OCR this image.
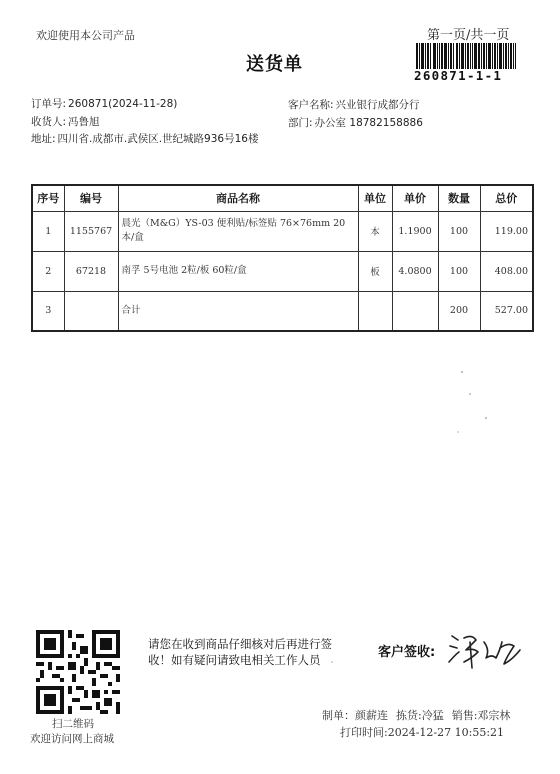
欢迎使用本公司产品	第一页/共一页
260871-1-1
送货单
订单号: 260871(2024-11-28)
收货人: 冯鲁旭
地址: 四川省.成都市.武侯区.世纪城路936号16楼
客户名称: 兴业银行成都分行
部门: 办公室 18782158886
序号	编号	商品名称	单位	单价	数量	总价
1	1155767	晨光（M&G）YS-03 便利贴/标签贴 76×76mm 20本/盒	本	1.1900	100	119.00
2	67218	南孚 5号电池 2粒/板 60粒/盒	板	4.0800	100	408.00
3		合计			200	527.00
扫二维码
欢迎访问网上商城
请您在收到商品仔细核对后再进行签收！如有疑问请致电相关工作人员	客户签收:
制单：颜薪连 拣货:冷猛 销售:邓宗林
打印时间:2024-12-27 10:55:21
